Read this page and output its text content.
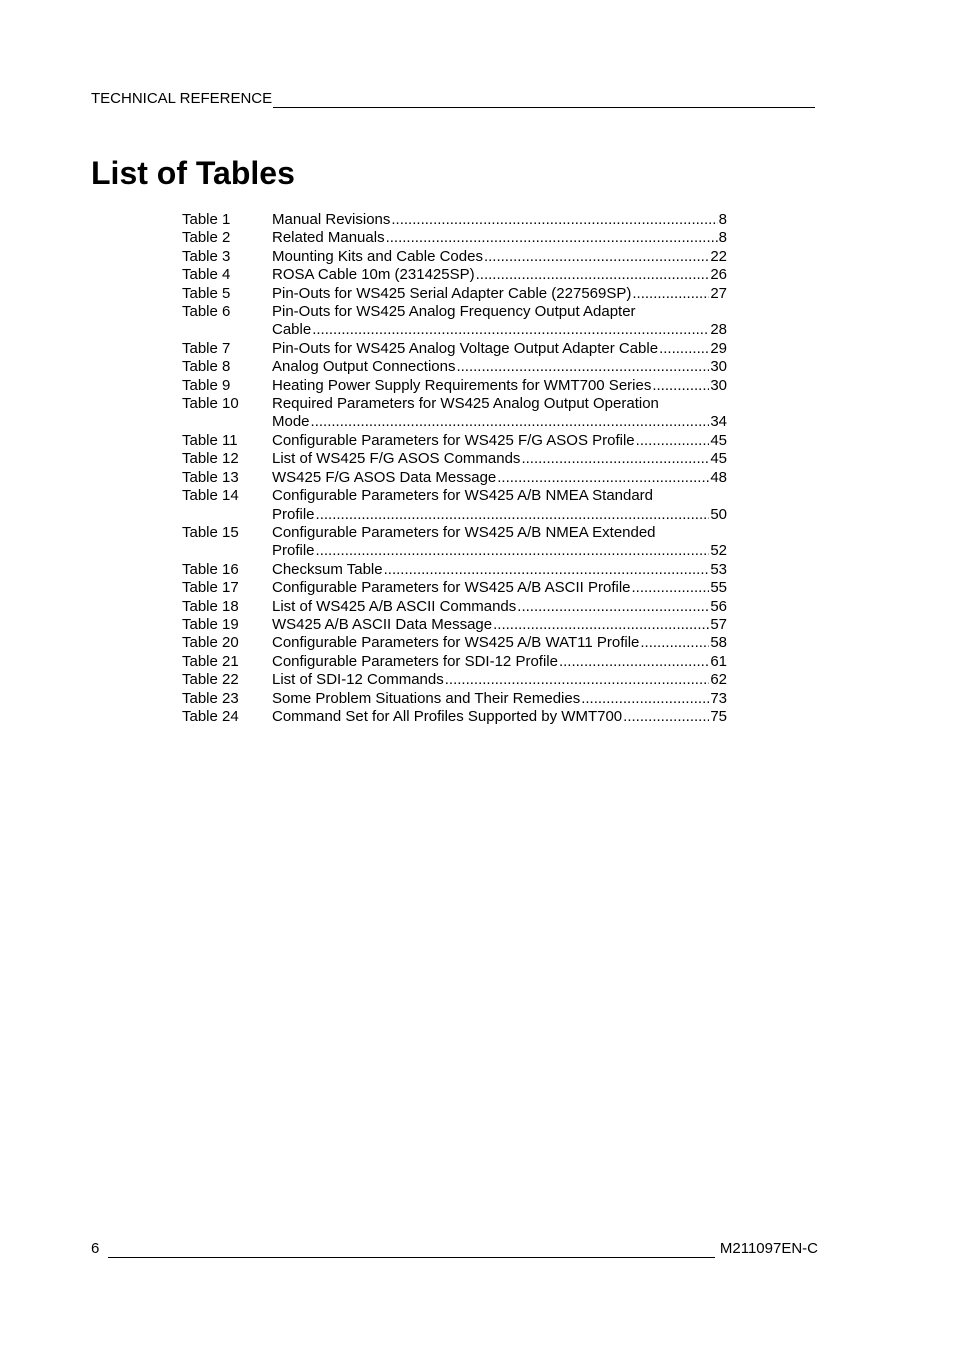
TECHNICAL REFERENCE
List of Tables
Table 1	Manual Revisions .....	8
Table 2	Related Manuals .....	8
Table 3	Mounting Kits and Cable Codes .....	22
Table 4	ROSA Cable 10m (231425SP) .....	26
Table 5	Pin-Outs for WS425 Serial Adapter Cable (227569SP) .....	27
Table 6	Pin-Outs for WS425 Analog Frequency Output Adapter
Cable .....	28
Table 7	Pin-Outs for WS425 Analog Voltage Output Adapter Cable .....	29
Table 8	Analog Output Connections .....	30
Table 9	Heating Power Supply Requirements for WMT700 Series .....	30
Table 10	Required Parameters for WS425 Analog Output Operation
Mode .....	34
Table 11	Configurable Parameters for WS425 F/G ASOS Profile .....	45
Table 12	List of WS425 F/G ASOS Commands .....	45
Table 13	WS425 F/G ASOS Data Message .....	48
Table 14	Configurable Parameters for WS425 A/B NMEA Standard
Profile .....	50
Table 15	Configurable Parameters for WS425 A/B NMEA Extended
Profile .....	52
Table 16	Checksum Table .....	53
Table 17	Configurable Parameters for WS425 A/B ASCII Profile .....	55
Table 18	List of WS425 A/B ASCII Commands .....	56
Table 19	WS425 A/B ASCII Data Message .....	57
Table 20	Configurable Parameters for WS425 A/B WAT11 Profile .....	58
Table 21	Configurable Parameters for SDI-12 Profile .....	61
Table 22	List of SDI-12 Commands .....	62
Table 23	Some Problem Situations and Their Remedies .....	73
Table 24	Command Set for All Profiles Supported by WMT700 .....	75
6	M211097EN-C
